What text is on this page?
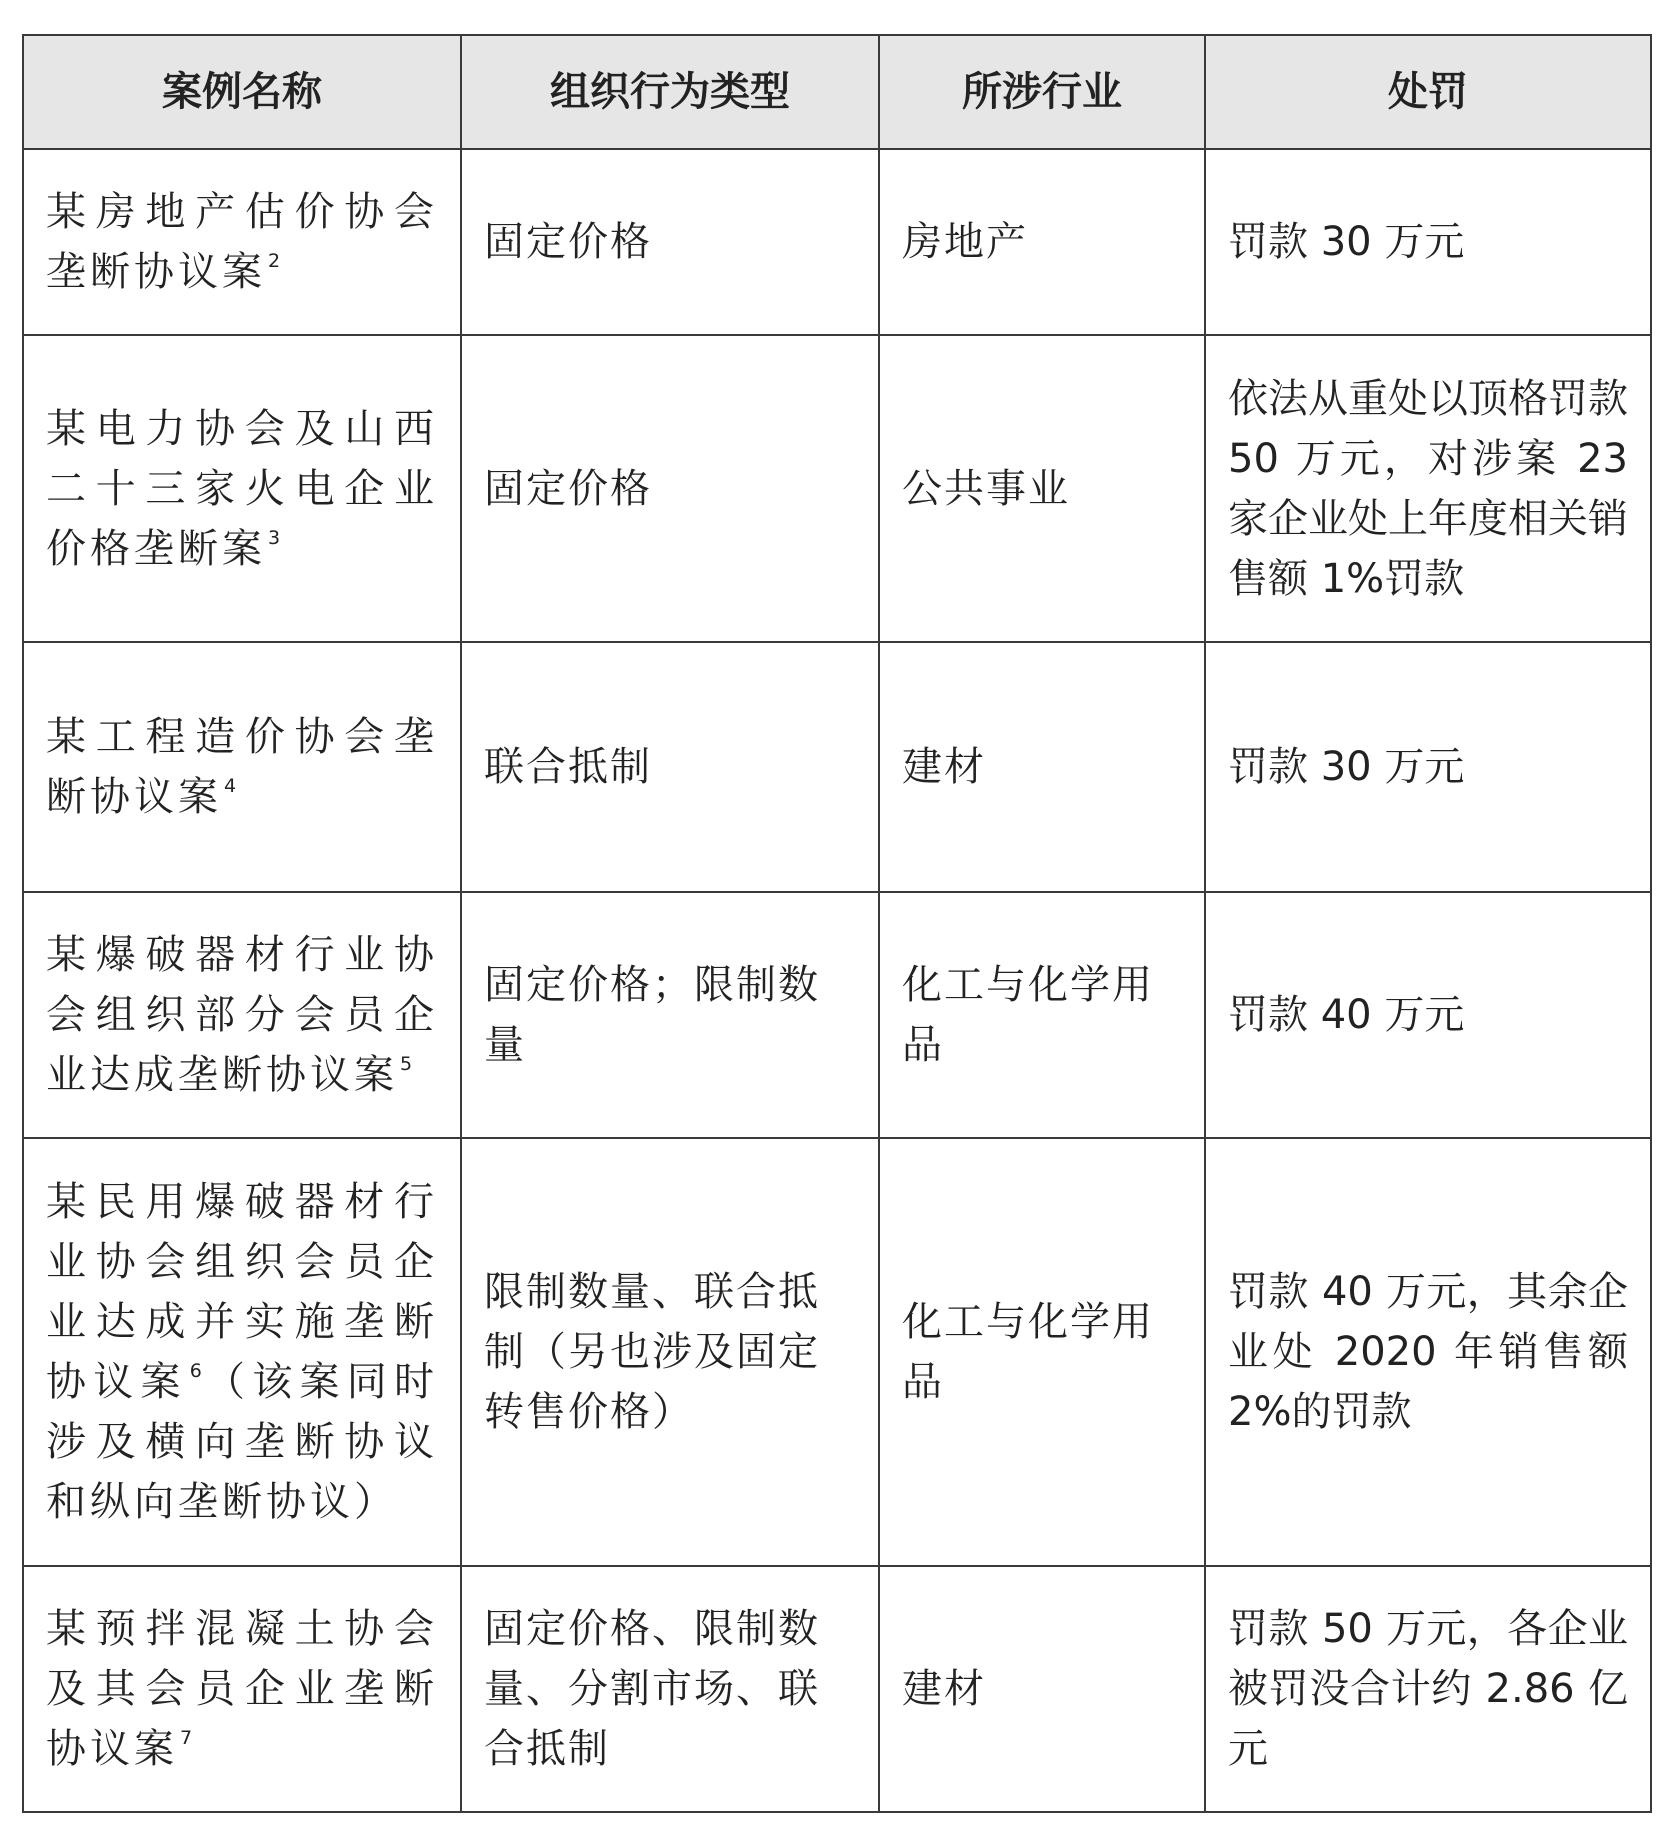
案例名称	组织行为类型	所涉行业	处罚
某房地产估价协会垄断协议案 $^2$	固定价格	房地产	罚款 30 万元
某电力协会及山西二十三家火电企业价格垄断案 $^3$	固定价格	公共事业	依法从重处以顶格罚款 50 万元，对涉案 23 家企业处上年度相关销售额 1%罚款
某工程造价协会垄断协议案 $^4$	联合抵制	建材	罚款 30 万元
某爆破器材行业协会组织部分会员企业达成垄断协议案 $^5$	固定价格；限制数量	化工与化学用品	罚款 40 万元
某民用爆破器材行业协会组织会员企业达成并实施垄断协议案 $^6$（该案同时涉及横向垄断协议和纵向垄断协议）	限制数量、联合抵制（另也涉及固定转售价格）	化工与化学用品	罚款 40 万元，其余企业处 2020 年销售额 2%的罚款
某预拌混凝土协会及其会员企业垄断协议案 $^7$	固定价格、限制数量、分割市场、联合抵制	建材	罚款 50 万元，各企业被罚没合计约 2.86 亿元
